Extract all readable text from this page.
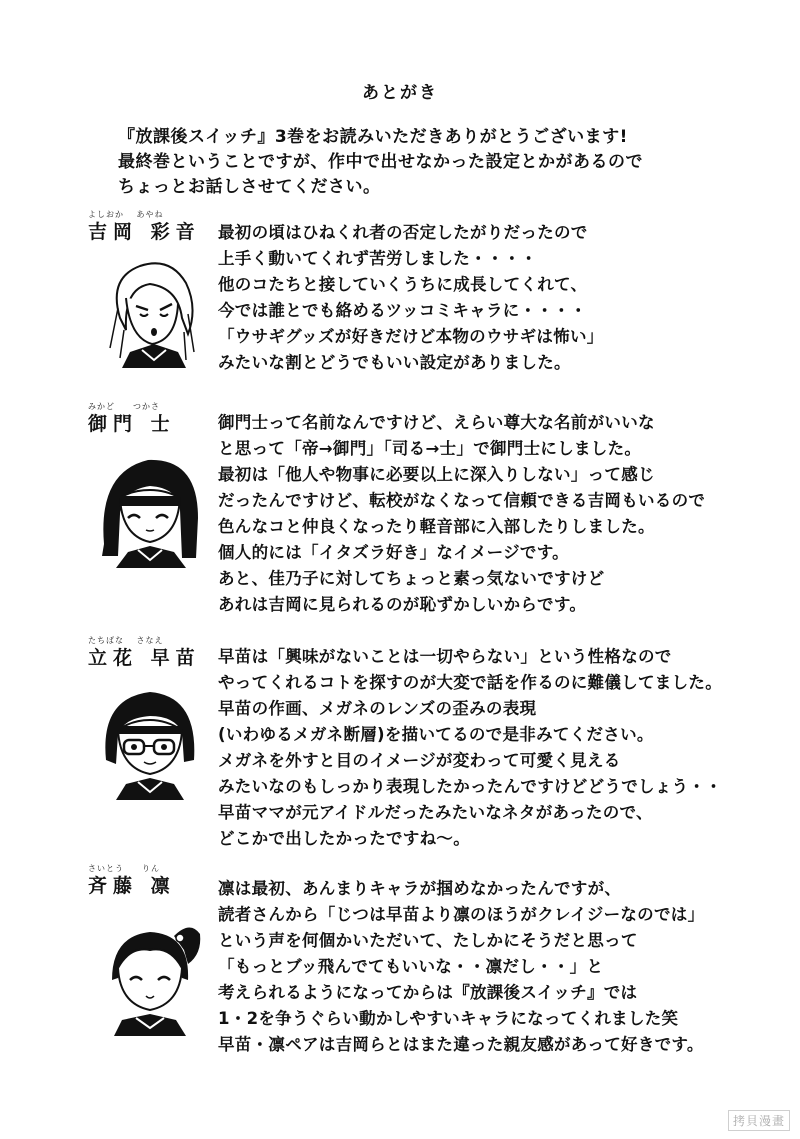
あとがき
『放課後スイッチ』3巻をお読みいただきありがとうございます!
最終巻ということですが、作中で出せなかった設定とかがあるので
ちょっとお話しさせてください。
よしおか　 あやね
吉岡 彩音 最初の頃はひねくれ者の否定したがりだったので
上手く動いてくれず苦労しました・・・・
他のコたちと接していくうちに成長してくれて、
今では誰とでも絡めるツッコミキャラに・・・・
「ウサギグッズが好きだけど本物のウサギは怖い」
みたいな割とどうでもいい設定がありました。
みかど　　つかさ
御門 士	御門士って名前なんですけど、えらい尊大な名前がいいな
と思って「帝→御門」「司る→士」で御門士にしました。
最初は「他人や物事に必要以上に深入りしない」って感じ
だったんですけど、転校がなくなって信頼できる吉岡もいるので
色んなコと仲良くなったり軽音部に入部したりしました。
個人的には「イタズラ好き」なイメージです。
あと、佳乃子に対してちょっと素っ気ないですけど
あれは吉岡に見られるのが恥ずかしいからです。
たちばな　 さなえ
立花 早苗 早苗は「興味がないことは一切やらない」という性格なので
やってくれるコトを探すのが大変で話を作るのに難儀してました。
早苗の作画、メガネのレンズの歪みの表現
(いわゆるメガネ断層)を描いてるので是非みてください。
メガネを外すと目のイメージが変わって可愛く見える
みたいなのもしっかり表現したかったんですけどどうでしょう・・
早苗ママが元アイドルだったみたいなネタがあったので、
どこかで出したかったですね～。
さいとう　　りん
斉藤 凛	凛は最初、あんまりキャラが掴めなかったんですが、
読者さんから「じつは早苗より凛のほうがクレイジーなのでは」
という声を何個かいただいて、たしかにそうだと思って
「もっとブッ飛んでてもいいな・・凛だし・・」と
考えられるようになってからは『放課後スイッチ』では
1・2を争うぐらい動かしやすいキャラになってくれました笑
早苗・凛ペアは吉岡らとはまた違った親友感があって好きです。
拷貝漫畫
